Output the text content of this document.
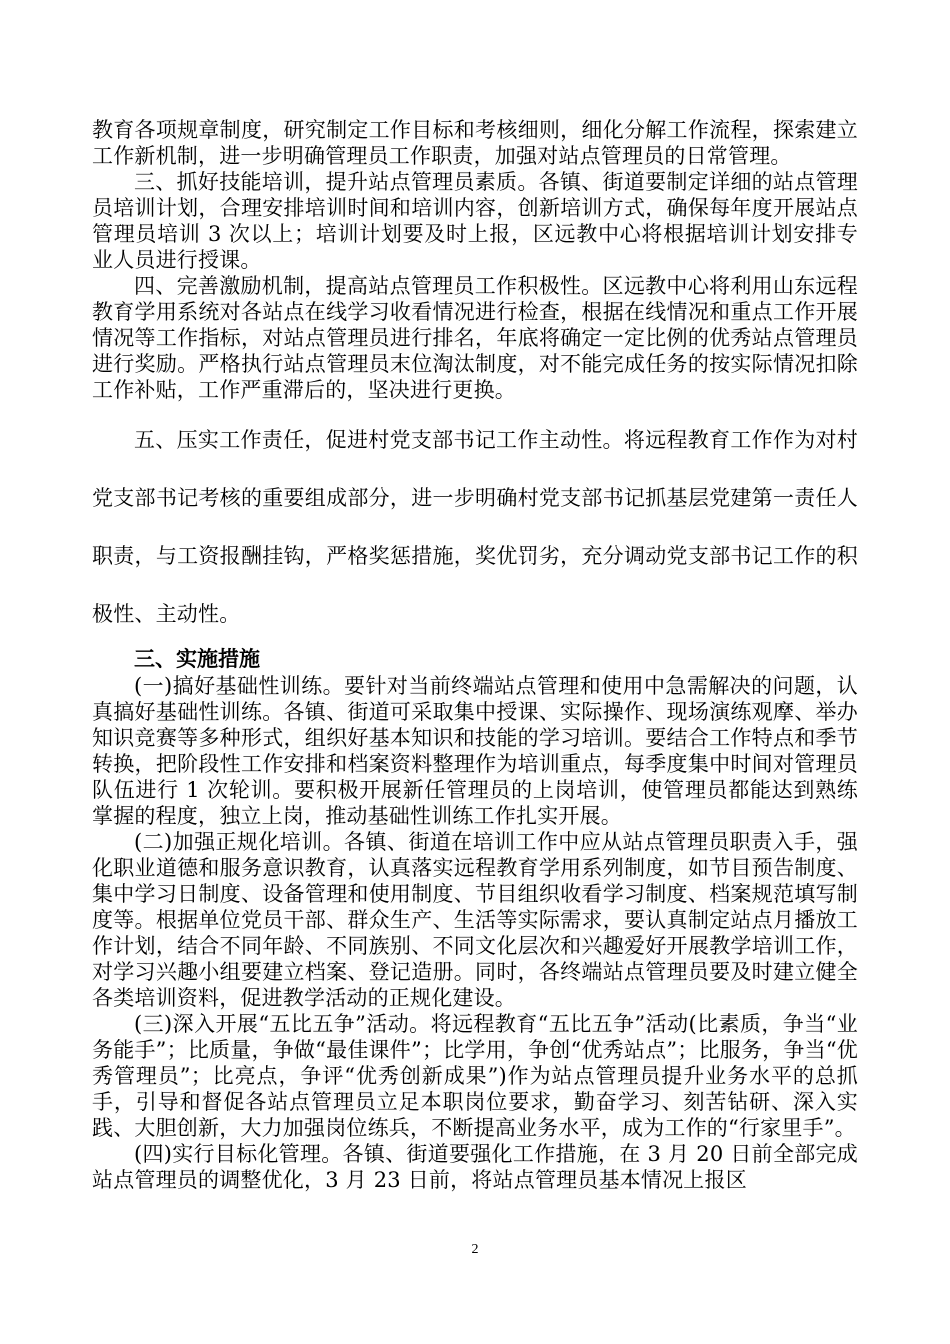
教育各项规章制度，研究制定工作目标和考核细则，细化分解工作流程，探索建立工作新机制，进一步明确管理员工作职责，加强对站点管理员的日常管理。

三、抓好技能培训，提升站点管理员素质。各镇、街道要制定详细的站点管理员培训计划，合理安排培训时间和培训内容，创新培训方式，确保每年度开展站点管理员培训 3 次以上；培训计划要及时上报，区远教中心将根据培训计划安排专业人员进行授课。

四、完善激励机制，提高站点管理员工作积极性。区远教中心将利用山东远程教育学用系统对各站点在线学习收看情况进行检查，根据在线情况和重点工作开展情况等工作指标，对站点管理员进行排名，年底将确定一定比例的优秀站点管理员进行奖励。严格执行站点管理员末位淘汰制度，对不能完成任务的按实际情况扣除工作补贴，工作严重滞后的，坚决进行更换。

五、压实工作责任，促进村党支部书记工作主动性。将远程教育工作作为对村党支部书记考核的重要组成部分，进一步明确村党支部书记抓基层党建第一责任人职责，与工资报酬挂钩，严格奖惩措施，奖优罚劣，充分调动党支部书记工作的积极性、主动性。

三、实施措施

(一)搞好基础性训练。要针对当前终端站点管理和使用中急需解决的问题，认真搞好基础性训练。各镇、街道可采取集中授课、实际操作、现场演练观摩、举办知识竞赛等多种形式，组织好基本知识和技能的学习培训。要结合工作特点和季节转换，把阶段性工作安排和档案资料整理作为培训重点，每季度集中时间对管理员队伍进行 1 次轮训。要积极开展新任管理员的上岗培训，使管理员都能达到熟练掌握的程度，独立上岗，推动基础性训练工作扎实开展。

(二)加强正规化培训。各镇、街道在培训工作中应从站点管理员职责入手，强化职业道德和服务意识教育，认真落实远程教育学用系列制度，如节目预告制度、集中学习日制度、设备管理和使用制度、节目组织收看学习制度、档案规范填写制度等。根据单位党员干部、群众生产、生活等实际需求，要认真制定站点月播放工作计划，结合不同年龄、不同族别、不同文化层次和兴趣爱好开展教学培训工作，对学习兴趣小组要建立档案、登记造册。同时，各终端站点管理员要及时建立健全各类培训资料，促进教学活动的正规化建设。

(三)深入开展“五比五争”活动。将远程教育“五比五争”活动(比素质，争当“业务能手”；比质量，争做“最佳课件”；比学用，争创“优秀站点”；比服务，争当“优秀管理员”；比亮点，争评“优秀创新成果”)作为站点管理员提升业务水平的总抓手，引导和督促各站点管理员立足本职岗位要求，勤奋学习、刻苦钻研、深入实践、大胆创新，大力加强岗位练兵，不断提高业务水平，成为工作的“行家里手”。

(四)实行目标化管理。各镇、街道要强化工作措施，在 3 月 20 日前全部完成站点管理员的调整优化，3 月 23 日前，将站点管理员基本情况上报区

2
